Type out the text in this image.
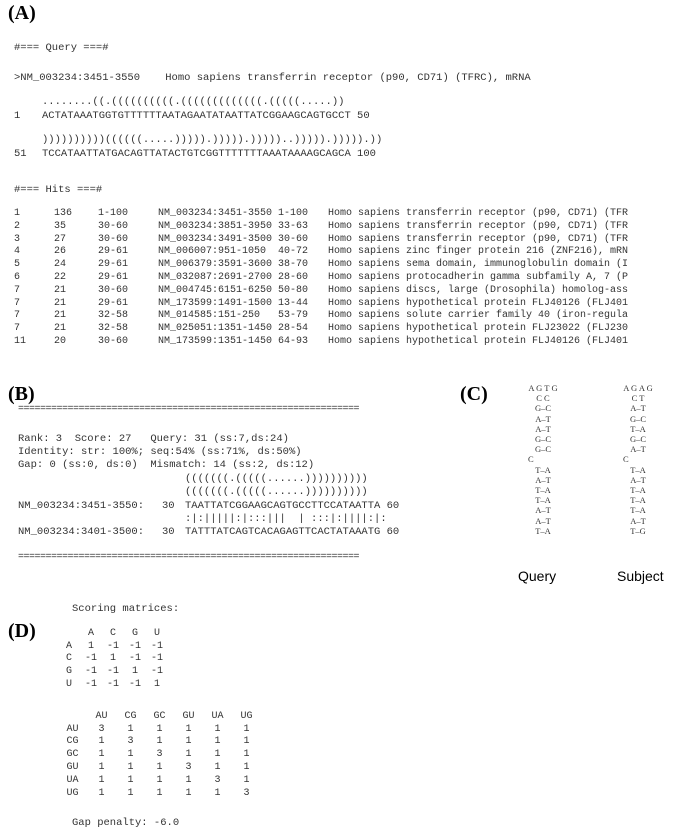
(A)
#=== Query ===#
>NM_003234:3451-3550    Homo sapiens transferrin receptor (p90, CD71) (TFRC), mRNA
........((.((((((((((.(((((((((((((.(((((.....))
1 ACTATAAATGGTGTTTTTTAATAGAATATAATTATCGGAAGCAGTGCCT 50
))))))))))((((((.....))))).))))).)))))..))))).))))).))
51 TCCATAATTATGACAGTTATACTGTCGGTTTTTTTAAATAAAAGCAGCA 100
#=== Hits ===#
1	136	1-100	NM_003234:3451-3550	1-100	Homo sapiens transferrin receptor (p90, CD71) (TFR
2	35	30-60	NM_003234:3851-3950	33-63	Homo sapiens transferrin receptor (p90, CD71) (TFR
3	27	30-60	NM_003234:3491-3500	30-60	Homo sapiens transferrin receptor (p90, CD71) (TFR
4	26	29-61	NM_006007:951-1050	40-72	Homo sapiens zinc finger protein 216 (ZNF216), mRN
5	24	29-61	NM_006379:3591-3600	38-70	Homo sapiens sema domain, immunoglobulin domain (I
6	22	29-61	NM_032087:2691-2700	28-60	Homo sapiens protocadherin gamma subfamily A, 7 (P
7	21	30-60	NM_004745:6151-6250	50-80	Homo sapiens discs, large (Drosophila) homolog-ass
7	21	29-61	NM_173599:1491-1500	13-44	Homo sapiens hypothetical protein FLJ40126 (FLJ401
7	21	32-58	NM_014585:151-250	53-79	Homo sapiens solute carrier family 40 (iron-regula
7	21	32-58	NM_025051:1351-1450	28-54	Homo sapiens hypothetical protein FLJ23022 (FLJ230
11	20	30-60	NM_173599:1351-1450	64-93	Homo sapiens hypothetical protein FLJ40126 (FLJ401
(B)
==============================================================
Rank: 3  Score: 27   Query: 31 (ss:7,ds:24)
Identity: str: 100%; seq:54% (ss:71%, ds:50%)
Gap: 0 (ss:0, ds:0)  Mismatch: 14 (ss:2, ds:12)
(((((((.(((((......))))))))))
(((((((.(((((......))))))))))
NM_003234:3451-3550: 30 TAATTATCGGAAGCAGTGCCTTCCATAATTA 60
:|:|||||:|:::|||  | :::|:||||:|:
NM_003234:3401-3500: 30 TATTTATCAGTCACAGAGTTCACTATAAATG 60
==============================================================
(C)	A G T G
C C
G–C
A–T
A–T
G–C
G–C
C
T–A
A–T
T–A
T–A
A–T
A–T
T–A
A G A G
C T
A–T
G–C
T–A
G–C
A–T
C
T–A
A–T
T–A
T–A
T–A
A–T
T–G
Query	Subject
(D)
Scoring matrices:
	A	C	G	U
A	1	-1	-1	-1
C	-1	1	-1	-1
G	-1	-1	1	-1
U	-1	-1	-1	1
	AU	CG	GC	GU	UA	UG
AU	3	1	1	1	1	1
CG	1	3	1	1	1	1
GC	1	1	3	1	1	1
GU	1	1	1	3	1	1
UA	1	1	1	1	3	1
UG	1	1	1	1	1	3
Gap penalty: -6.0
